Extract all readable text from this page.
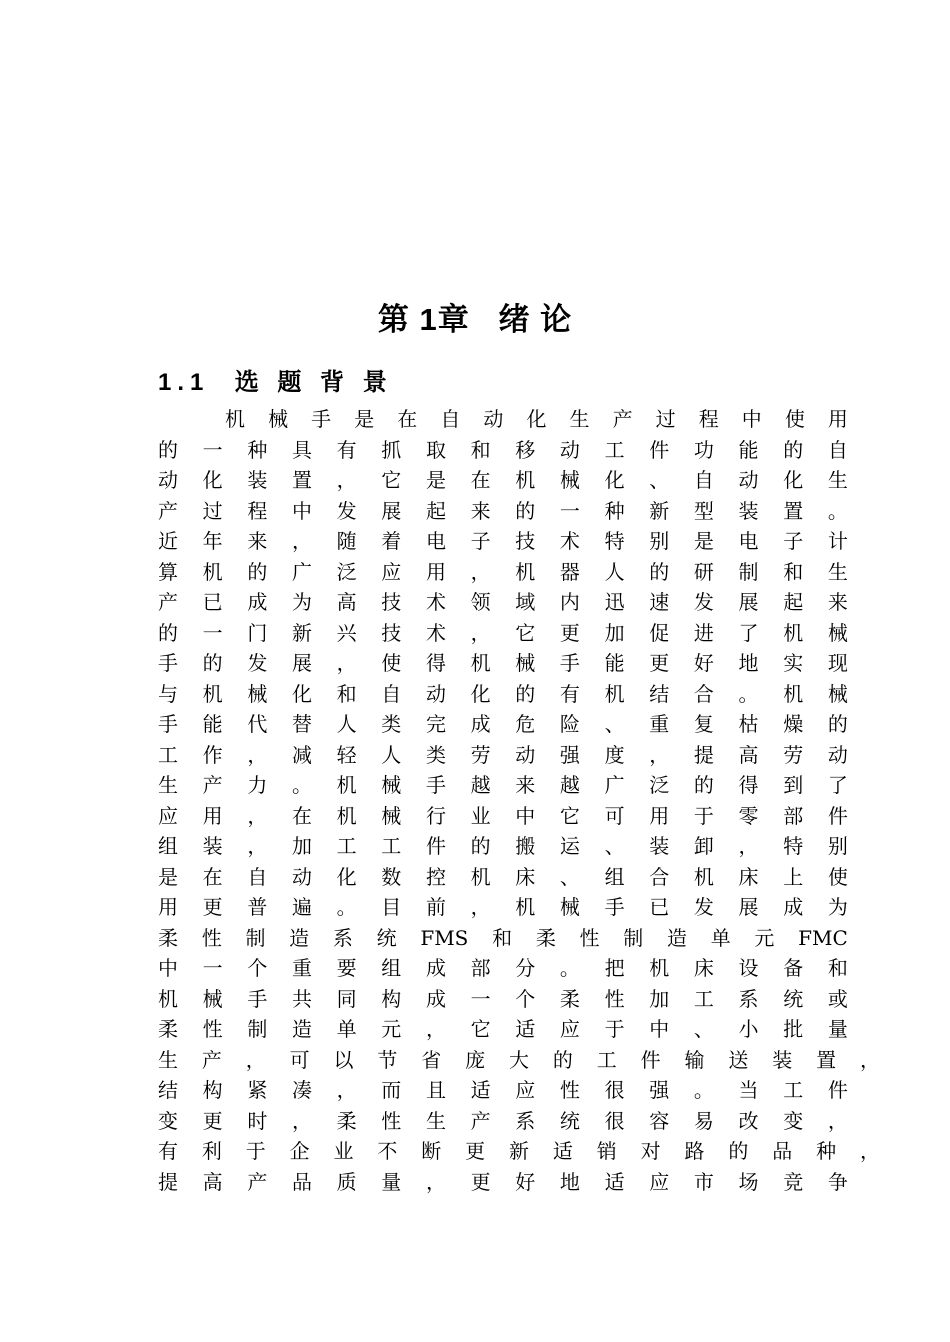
第 1章   绪 论
1.1  选 题 背 景
机 械 手 是 在 自 动 化 生 产 过 程 中 使 用
的 一 种 具 有 抓 取 和 移 动 工 件 功 能 的 自
动 化 装 置 ， 它 是 在 机 械 化 、 自 动 化 生
产 过 程 中 发 展 起 来 的 一 种 新 型 装 置 。
近 年 来 ， 随 着 电 子 技 术 特 别 是 电 子 计
算 机 的 广 泛 应 用 ， 机 器 人 的 研 制 和 生
产 已 成 为 高 技 术 领 域 内 迅 速 发 展 起 来
的 一 门 新 兴 技 术 ， 它 更 加 促 进 了 机 械
手 的 发 展 ， 使 得 机 械 手 能 更 好 地 实 现
与 机 械 化 和 自 动 化 的 有 机 结 合 。 机 械
手 能 代 替 人 类 完 成 危 险 、 重 复 枯 燥 的
工 作 ， 减 轻 人 类 劳 动 强 度 ， 提 高 劳 动
生 产 力 。 机 械 手 越 来 越 广 泛 的 得 到 了
应 用 ， 在 机 械 行 业 中 它 可 用 于 零 部 件
组 装 ， 加 工 工 件 的 搬 运 、 装 卸 ， 特 别
是 在 自 动 化 数 控 机 床 、 组 合 机 床 上 使
用 更 普 遍 。 目 前 ， 机 械 手 已 发 展 成 为
柔 性 制 造 系 统 FMS 和 柔 性 制 造 单 元 FMC
中 一 个 重 要 组 成 部 分 。 把 机 床 设 备 和
机 械 手 共 同 构 成 一 个 柔 性 加 工 系 统 或
柔 性 制 造 单 元 ， 它 适 应 于 中 、 小 批 量
生 产 ， 可 以 节 省 庞 大 的 工 件 输 送 装 置 ，
结 构 紧 凑 ， 而 且 适 应 性 很 强 。 当 工 件
变 更 时 ， 柔 性 生 产 系 统 很 容 易 改 变 ，
有 利 于 企 业 不 断 更 新 适 销 对 路 的 品 种 ，
提 高 产 品 质 量 ， 更 好 地 适 应 市 场 竞 争
